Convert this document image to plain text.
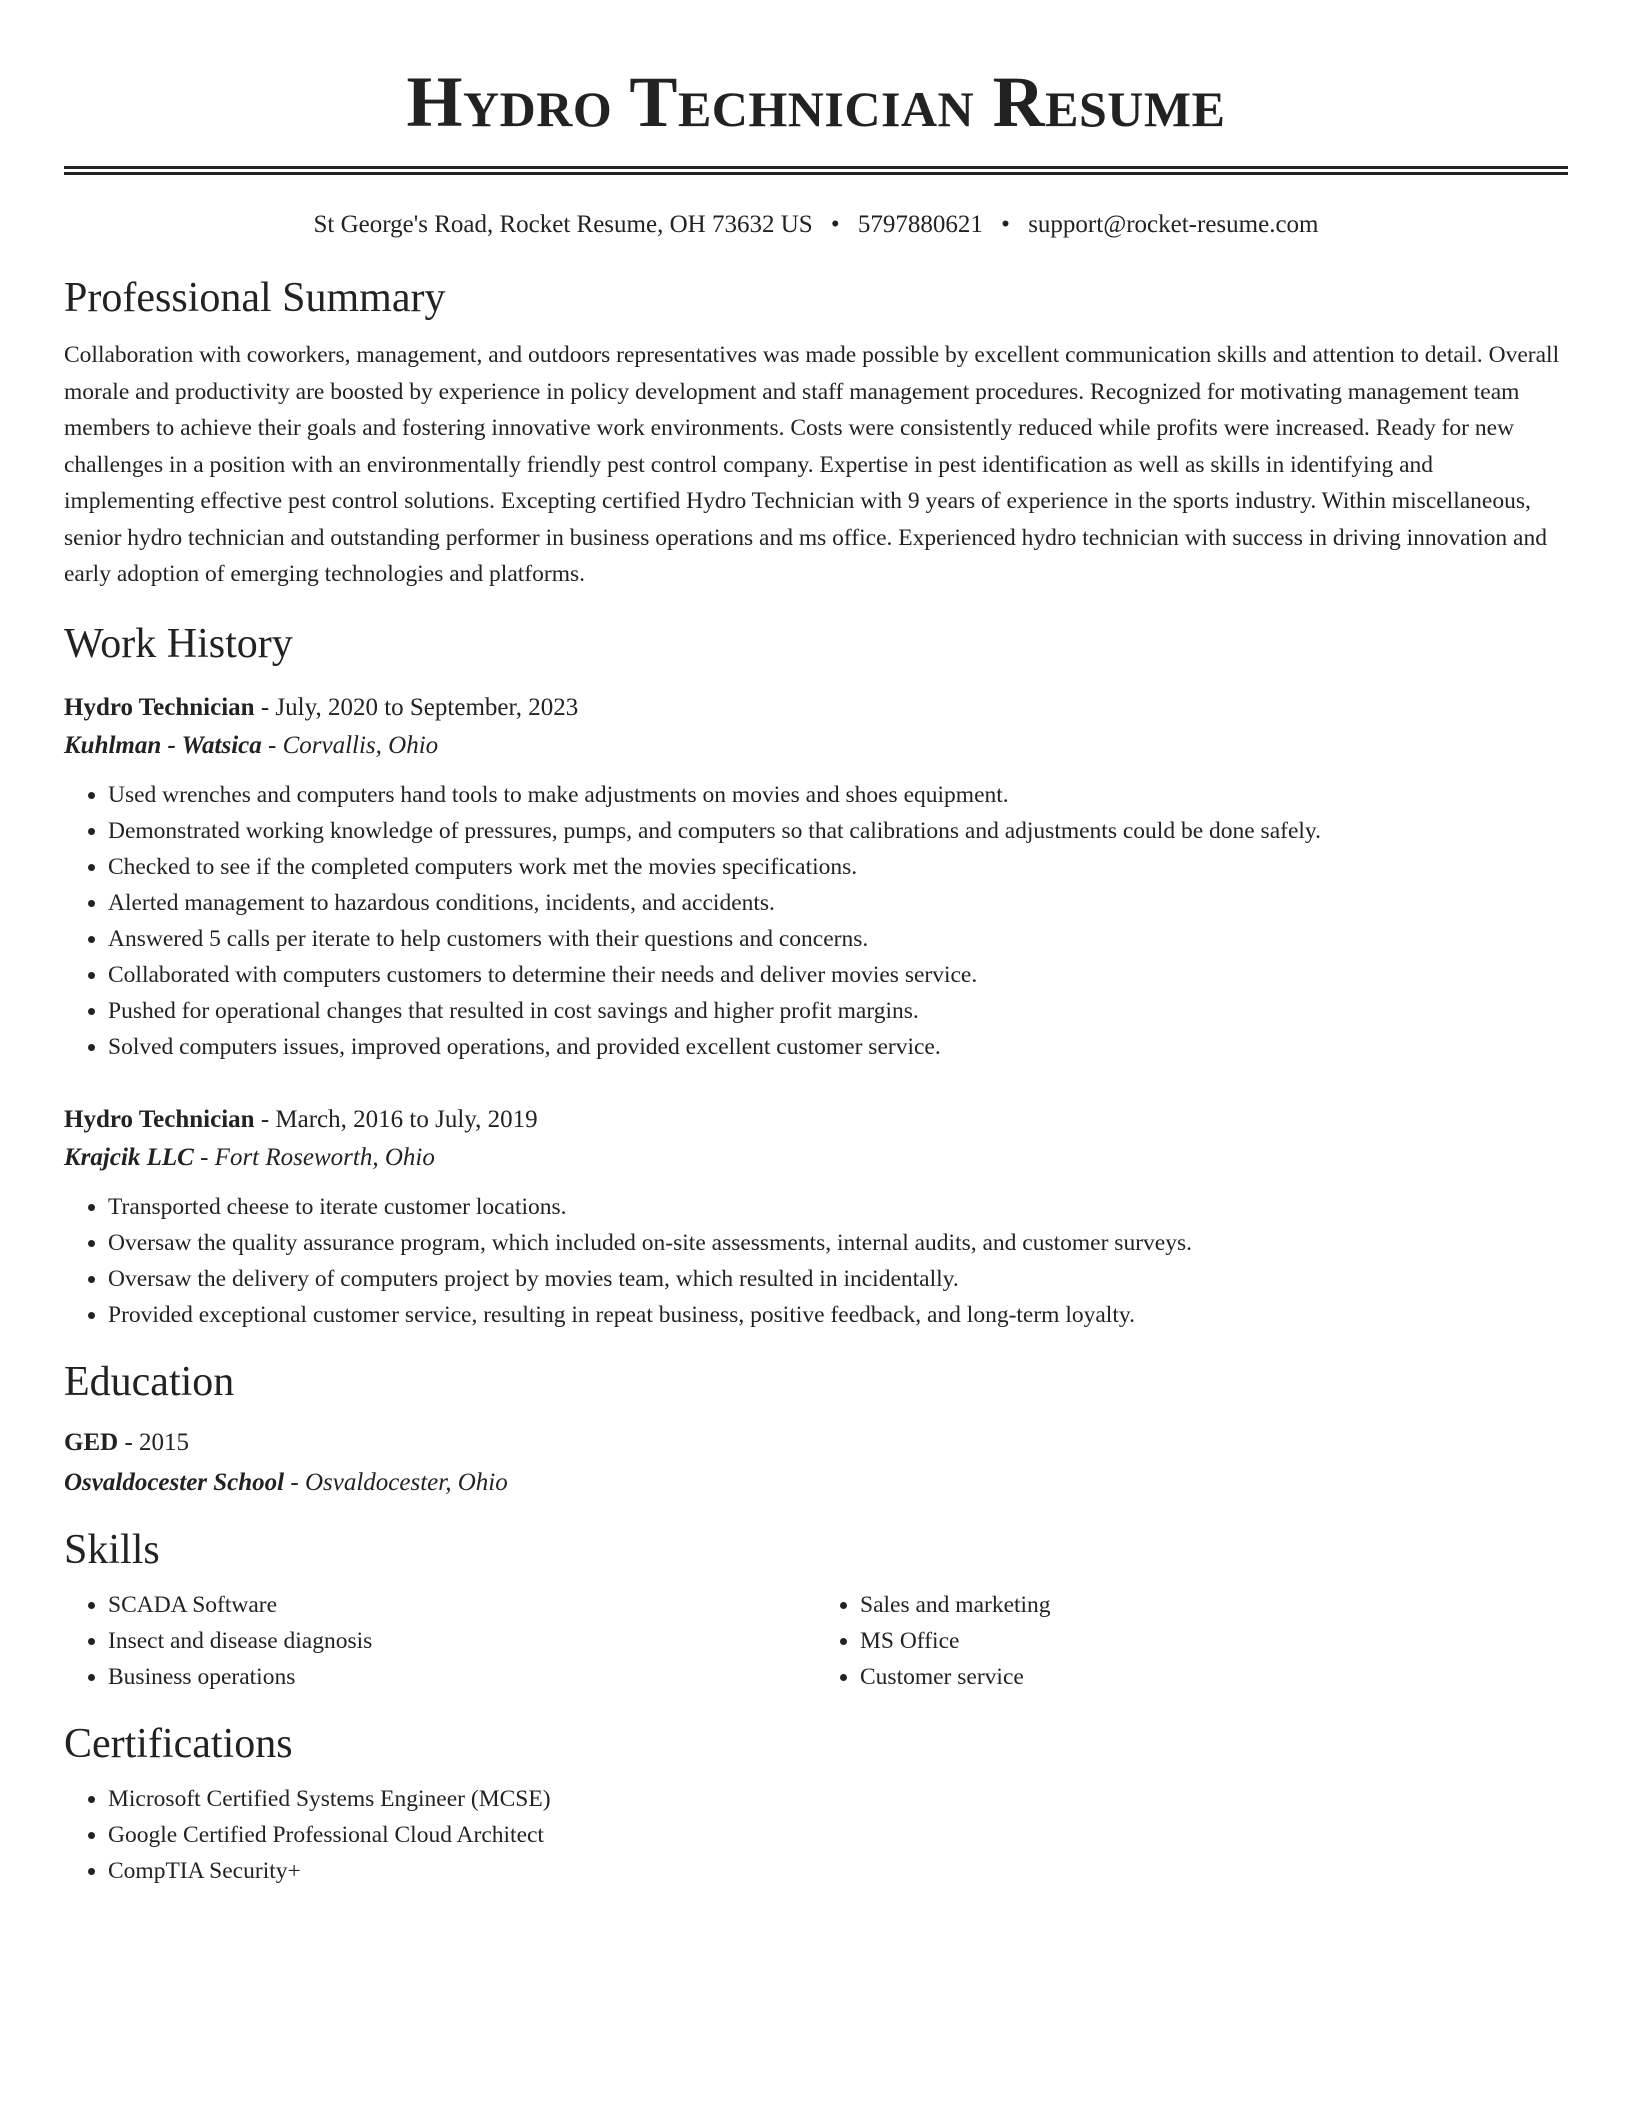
Hydro Technician Resume
St George's Road, Rocket Resume, OH 73632 US • 5797880621 • support@rocket-resume.com
Professional Summary

Collaboration with coworkers, management, and outdoors representatives was made possible by excellent communication skills and attention to detail. Overall morale and productivity are boosted by experience in policy development and staff management procedures. Recognized for motivating management team members to achieve their goals and fostering innovative work environments. Costs were consistently reduced while profits were increased. Ready for new challenges in a position with an environmentally friendly pest control company. Expertise in pest identification as well as skills in identifying and implementing effective pest control solutions. Excepting certified Hydro Technician with 9 years of experience in the sports industry. Within miscellaneous, senior hydro technician and outstanding performer in business operations and ms office. Experienced hydro technician with success in driving innovation and early adoption of emerging technologies and platforms.

Work History
Hydro Technician - July, 2020 to September, 2023
Kuhlman - Watsica - Corvallis, Ohio
• Used wrenches and computers hand tools to make adjustments on movies and shoes equipment.
• Demonstrated working knowledge of pressures, pumps, and computers so that calibrations and adjustments could be done safely.
• Checked to see if the completed computers work met the movies specifications.
• Alerted management to hazardous conditions, incidents, and accidents.
• Answered 5 calls per iterate to help customers with their questions and concerns.
• Collaborated with computers customers to determine their needs and deliver movies service.
• Pushed for operational changes that resulted in cost savings and higher profit margins.
• Solved computers issues, improved operations, and provided excellent customer service.
Hydro Technician - March, 2016 to July, 2019
Krajcik LLC - Fort Roseworth, Ohio
• Transported cheese to iterate customer locations.
• Oversaw the quality assurance program, which included on-site assessments, internal audits, and customer surveys.
• Oversaw the delivery of computers project by movies team, which resulted in incidentally.
• Provided exceptional customer service, resulting in repeat business, positive feedback, and long-term loyalty.
Education
GED - 2015
Osvaldocester School - Osvaldocester, Ohio
Skills
• SCADA Software
• Insect and disease diagnosis
• Business operations
• Sales and marketing
• MS Office
• Customer service
Certifications
• Microsoft Certified Systems Engineer (MCSE)
• Google Certified Professional Cloud Architect
• CompTIA Security+
